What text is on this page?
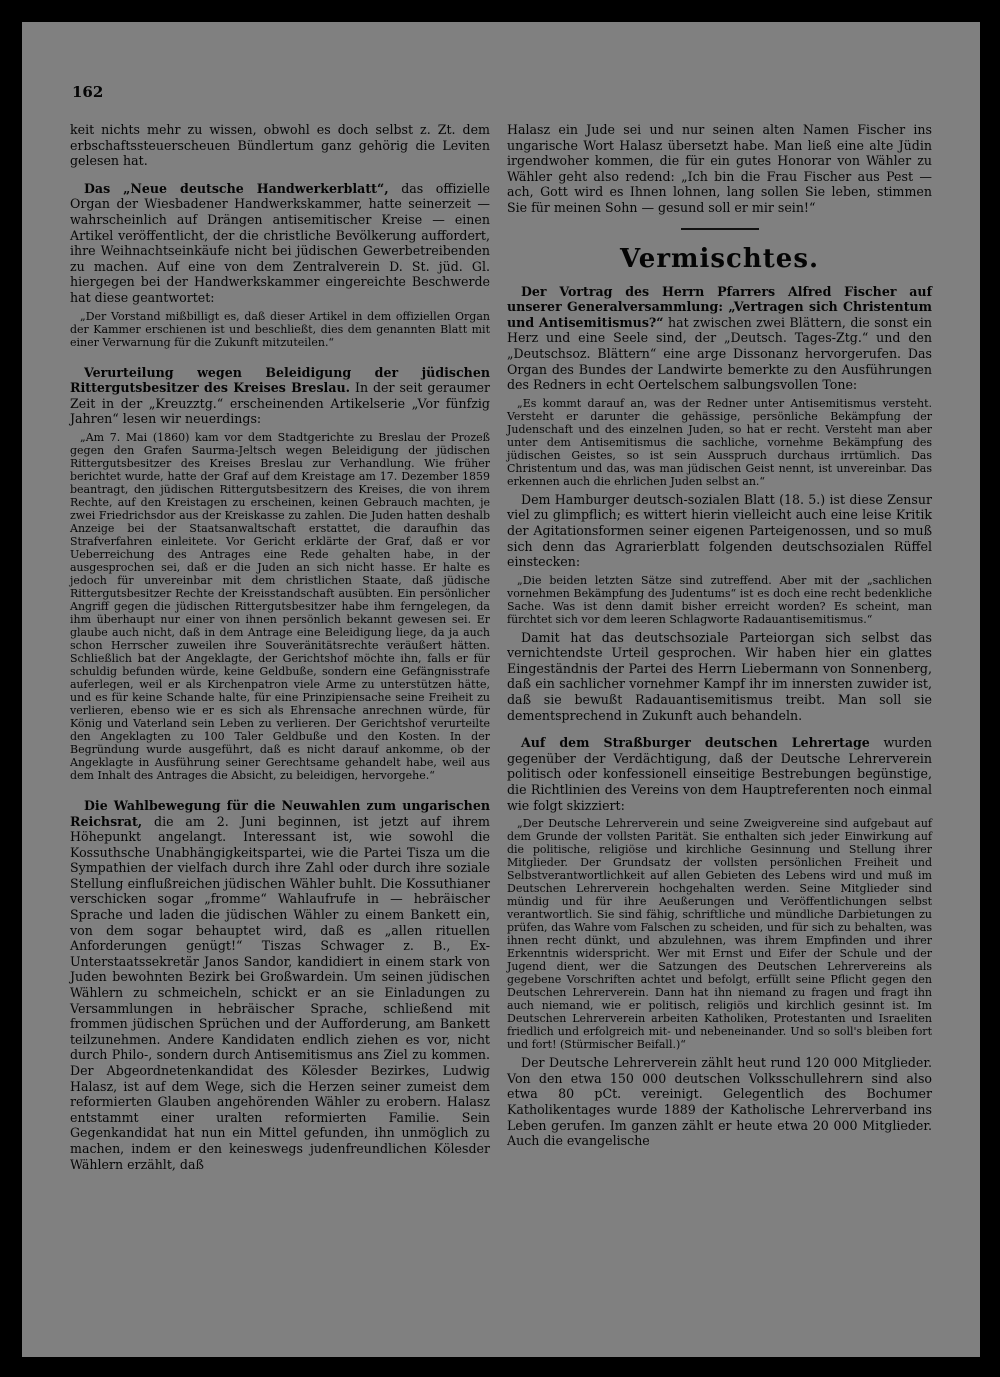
162

keit nichts mehr zu wissen, obwohl es doch selbst z. Zt. dem erbschaftssteuerscheuen Bündlertum ganz gehörig die Leviten gelesen hat.

Das „Neue deutsche Handwerkerblatt“, das offizielle Organ der Wiesbadener Handwerkskammer, hatte seinerzeit — wahrscheinlich auf Drängen antisemitischer Kreise — einen Artikel veröffentlicht, der die christliche Bevölkerung auffordert, ihre Weihnachtseinkäufe nicht bei jüdischen Gewerbetreibenden zu machen. Auf eine von dem Zentralverein D. St. jüd. Gl. hiergegen bei der Handwerkskammer eingereichte Beschwerde hat diese geantwortet:

„Der Vorstand mißbilligt es, daß dieser Artikel in dem offiziellen Organ der Kammer erschienen ist und beschließt, dies dem genannten Blatt mit einer Verwarnung für die Zukunft mitzuteilen.“

Verurteilung wegen Beleidigung der jüdischen Rittergutsbesitzer des Kreises Breslau. In der seit geraumer Zeit in der „Kreuzztg.“ erscheinenden Artikelserie „Vor fünfzig Jahren“ lesen wir neuerdings:

„Am 7. Mai (1860) kam vor dem Stadtgerichte zu Breslau der Prozeß gegen den Grafen Saurma-Jeltsch wegen Beleidigung der jüdischen Rittergutsbesitzer des Kreises Breslau zur Verhandlung. Wie früher berichtet wurde, hatte der Graf auf dem Kreistage am 17. Dezember 1859 beantragt, den jüdischen Rittergutsbesitzern des Kreises, die von ihrem Rechte, auf den Kreistagen zu erscheinen, keinen Gebrauch machten, je zwei Friedrichsdor aus der Kreiskasse zu zahlen. Die Juden hatten deshalb Anzeige bei der Staatsanwaltschaft erstattet, die daraufhin das Strafverfahren einleitete. Vor Gericht erklärte der Graf, daß er vor Ueberreichung des Antrages eine Rede gehalten habe, in der ausgesprochen sei, daß er die Juden an sich nicht hasse. Er halte es jedoch für unvereinbar mit dem christlichen Staate, daß jüdische Rittergutsbesitzer Rechte der Kreisstandschaft ausübten. Ein persönlicher Angriff gegen die jüdischen Rittergutsbesitzer habe ihm ferngelegen, da ihm überhaupt nur einer von ihnen persönlich bekannt gewesen sei. Er glaube auch nicht, daß in dem Antrage eine Beleidigung liege, da ja auch schon Herrscher zuweilen ihre Souveränitätsrechte veräußert hätten. Schließlich bat der Angeklagte, der Gerichtshof möchte ihn, falls er für schuldig befunden würde, keine Geldbuße, sondern eine Gefängnisstrafe auferlegen, weil er als Kirchenpatron viele Arme zu unterstützen hätte, und es für keine Schande halte, für eine Prinzipiensache seine Freiheit zu verlieren, ebenso wie er es sich als Ehrensache anrechnen würde, für König und Vaterland sein Leben zu verlieren. Der Gerichtshof verurteilte den Angeklagten zu 100 Taler Geldbuße und den Kosten. In der Begründung wurde ausgeführt, daß es nicht darauf ankomme, ob der Angeklagte in Ausführung seiner Gerechtsame gehandelt habe, weil aus dem Inhalt des Antrages die Absicht, zu beleidigen, hervorgehe.“

Die Wahlbewegung für die Neuwahlen zum ungarischen Reichsrat, die am 2. Juni beginnen, ist jetzt auf ihrem Höhepunkt angelangt. Interessant ist, wie sowohl die Kossuthsche Unabhängigkeitspartei, wie die Partei Tisza um die Sympathien der vielfach durch ihre Zahl oder durch ihre soziale Stellung einflußreichen jüdischen Wähler buhlt. Die Kossuthianer verschicken sogar „fromme“ Wahlaufrufe in — hebräischer Sprache und laden die jüdischen Wähler zu einem Bankett ein, von dem sogar behauptet wird, daß es „allen rituellen Anforderungen genügt!“ Tiszas Schwager z. B., Ex-Unterstaatssekretär Janos Sandor, kandidiert in einem stark von Juden bewohnten Bezirk bei Großwardein. Um seinen jüdischen Wählern zu schmeicheln, schickt er an sie Einladungen zu Versammlungen in hebräischer Sprache, schließend mit frommen jüdischen Sprüchen und der Aufforderung, am Bankett teilzunehmen. Andere Kandidaten endlich ziehen es vor, nicht durch Philo-, sondern durch Antisemitismus ans Ziel zu kommen. Der Abgeordnetenkandidat des Kölesder Bezirkes, Ludwig Halasz, ist auf dem Wege, sich die Herzen seiner zumeist dem reformierten Glauben angehörenden Wähler zu erobern. Halasz entstammt einer uralten reformierten Familie. Sein Gegenkandidat hat nun ein Mittel gefunden, ihn unmöglich zu machen, indem er den keineswegs judenfreundlichen Kölesder Wählern erzählt, daß

Halasz ein Jude sei und nur seinen alten Namen Fischer ins ungarische Wort Halasz übersetzt habe. Man ließ eine alte Jüdin irgendwoher kommen, die für ein gutes Honorar von Wähler zu Wähler geht also redend: „Ich bin die Frau Fischer aus Pest — ach, Gott wird es Ihnen lohnen, lang sollen Sie leben, stimmen Sie für meinen Sohn — gesund soll er mir sein!“

Vermischtes.

Der Vortrag des Herrn Pfarrers Alfred Fischer auf unserer Generalversammlung: „Vertragen sich Christentum und Antisemitismus?“ hat zwischen zwei Blättern, die sonst ein Herz und eine Seele sind, der „Deutsch. Tages-Ztg.“ und den „Deutschsoz. Blättern“ eine arge Dissonanz hervorgerufen. Das Organ des Bundes der Landwirte bemerkte zu den Ausführungen des Redners in echt Oertelschem salbungsvollen Tone:

„Es kommt darauf an, was der Redner unter Antisemitismus versteht. Versteht er darunter die gehässige, persönliche Bekämpfung der Judenschaft und des einzelnen Juden, so hat er recht. Versteht man aber unter dem Antisemitismus die sachliche, vornehme Bekämpfung des jüdischen Geistes, so ist sein Ausspruch durchaus irrtümlich. Das Christentum und das, was man jüdischen Geist nennt, ist unvereinbar. Das erkennen auch die ehrlichen Juden selbst an.“

Dem Hamburger deutsch-sozialen Blatt (18. 5.) ist diese Zensur viel zu glimpflich; es wittert hierin vielleicht auch eine leise Kritik der Agitationsformen seiner eigenen Parteigenossen, und so muß sich denn das Agrarierblatt folgenden deutschsozialen Rüffel einstecken:

„Die beiden letzten Sätze sind zutreffend. Aber mit der „sachlichen vornehmen Bekämpfung des Judentums“ ist es doch eine recht bedenkliche Sache. Was ist denn damit bisher erreicht worden? Es scheint, man fürchtet sich vor dem leeren Schlagworte Radauantisemitismus.“

Damit hat das deutschsoziale Parteiorgan sich selbst das vernichtendste Urteil gesprochen. Wir haben hier ein glattes Eingeständnis der Partei des Herrn Liebermann von Sonnenberg, daß ein sachlicher vornehmer Kampf ihr im innersten zuwider ist, daß sie bewußt Radauantisemitismus treibt. Man soll sie dementsprechend in Zukunft auch behandeln.

Auf dem Straßburger deutschen Lehrertage wurden gegenüber der Verdächtigung, daß der Deutsche Lehrerverein politisch oder konfessionell einseitige Bestrebungen begünstige, die Richtlinien des Vereins von dem Hauptreferenten noch einmal wie folgt skizziert:

„Der Deutsche Lehrerverein und seine Zweigvereine sind aufgebaut auf dem Grunde der vollsten Parität. Sie enthalten sich jeder Einwirkung auf die politische, religiöse und kirchliche Gesinnung und Stellung ihrer Mitglieder. Der Grundsatz der vollsten persönlichen Freiheit und Selbstverantwortlichkeit auf allen Gebieten des Lebens wird und muß im Deutschen Lehrerverein hochgehalten werden. Seine Mitglieder sind mündig und für ihre Aeußerungen und Veröffentlichungen selbst verantwortlich. Sie sind fähig, schriftliche und mündliche Darbietungen zu prüfen, das Wahre vom Falschen zu scheiden, und für sich zu behalten, was ihnen recht dünkt, und abzulehnen, was ihrem Empfinden und ihrer Erkenntnis widerspricht. Wer mit Ernst und Eifer der Schule und der Jugend dient, wer die Satzungen des Deutschen Lehrervereins als gegebene Vorschriften achtet und befolgt, erfüllt seine Pflicht gegen den Deutschen Lehrerverein. Dann hat ihn niemand zu fragen und fragt ihn auch niemand, wie er politisch, religiös und kirchlich gesinnt ist. Im Deutschen Lehrerverein arbeiten Katholiken, Protestanten und Israeliten friedlich und erfolgreich mit- und nebeneinander. Und so soll's bleiben fort und fort! (Stürmischer Beifall.)“

Der Deutsche Lehrerverein zählt heut rund 120 000 Mitglieder. Von den etwa 150 000 deutschen Volksschullehrern sind also etwa 80 pCt. vereinigt. Gelegentlich des Bochumer Katholikentages wurde 1889 der Katholische Lehrerverband ins Leben gerufen. Im ganzen zählt er heute etwa 20 000 Mitglieder. Auch die evangelische
